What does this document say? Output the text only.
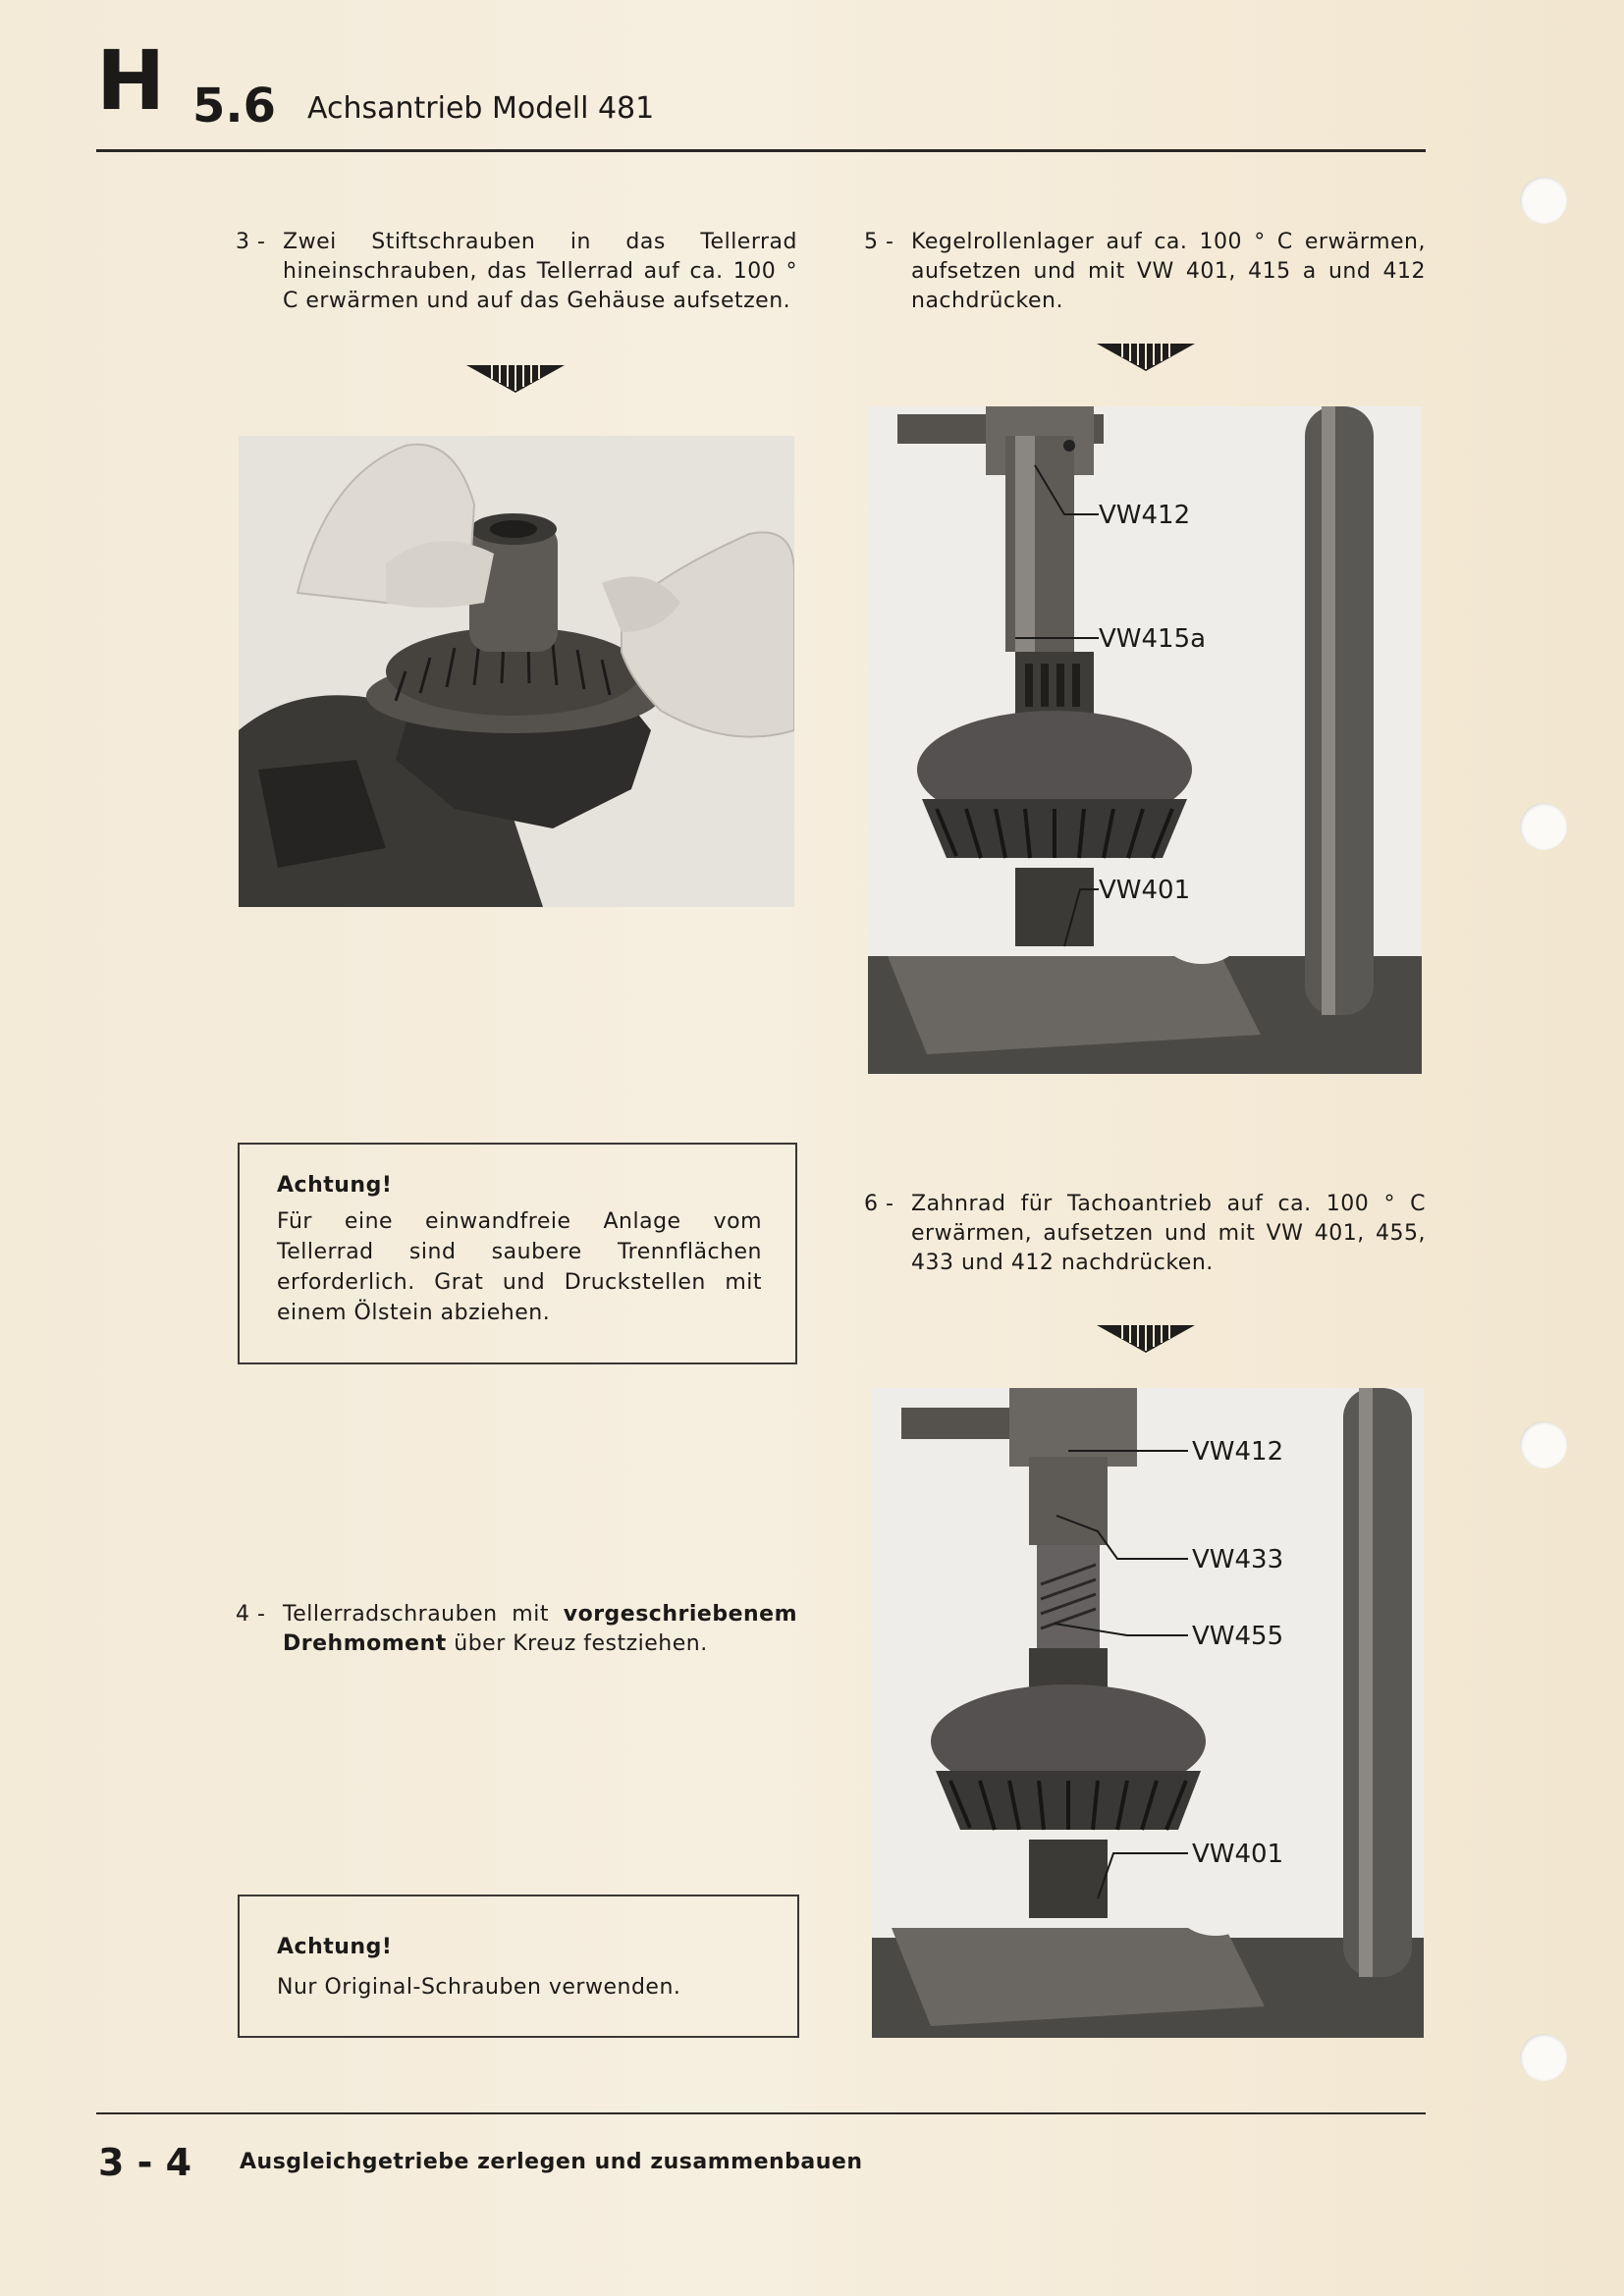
H 5.6 Achsantrieb Modell 481
3 - Zwei Stiftschrauben in das Tellerrad hineinschrauben, das Tellerrad auf ca. 100 ° C erwärmen und auf das Gehäuse aufsetzen.
Achtung!
Für eine einwandfreie Anlage vom Tellerrad sind saubere Trennflächen erforderlich. Grat und Druckstellen mit einem Ölstein abziehen.
4 - Tellerradschrauben mit vorgeschriebenem Drehmoment über Kreuz festziehen.
Achtung!
Nur Original-Schrauben verwenden.
5 - Kegelrollenlager auf ca. 100 ° C erwärmen, aufsetzen und mit VW 401, 415 a und 412 nachdrücken.
VW412
VW415a
VW401
6 - Zahnrad für Tachoantrieb auf ca. 100 ° C erwärmen, aufsetzen und mit VW 401, 455, 433 und 412 nachdrücken.
VW412
VW433
VW455
VW401
3 - 4 Ausgleichgetriebe zerlegen und zusammenbauen
